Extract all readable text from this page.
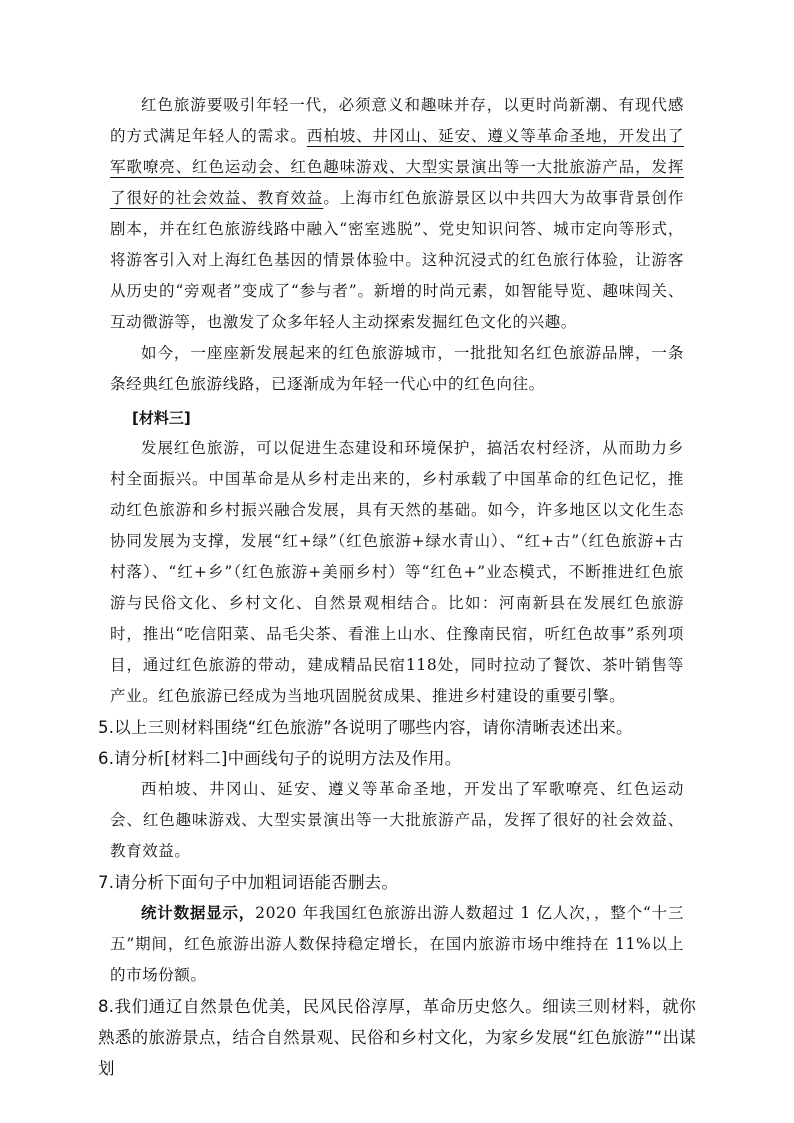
红色旅游要吸引年轻一代，必须意义和趣味并存，以更时尚新潮、有现代感的方式满足年轻人的需求。西柏坡、井冈山、延安、遵义等革命圣地，开发出了军歌嘹亮、红色运动会、红色趣味游戏、大型实景演出等一大批旅游产品，发挥了很好的社会效益、教育效益。上海市红色旅游景区以中共四大为故事背景创作剧本，并在红色旅游线路中融入“密室逃脱”、党史知识问答、城市定向等形式，将游客引入对上海红色基因的情景体验中。这种沉浸式的红色旅行体验，让游客从历史的“旁观者”变成了“参与者”。新增的时尚元素，如智能导览、趣味闯关、互动微游等，也激发了众多年轻人主动探索发掘红色文化的兴趣。

如今，一座座新发展起来的红色旅游城市，一批批知名红色旅游品牌，一条条经典红色旅游线路，已逐渐成为年轻一代心中的红色向往。

[材料三]

发展红色旅游，可以促进生态建设和环境保护，搞活农村经济，从而助力乡村全面振兴。中国革命是从乡村走出来的，乡村承载了中国革命的红色记忆，推动红色旅游和乡村振兴融合发展，具有天然的基础。如今，许多地区以文化生态协同发展为支撑，发展“红+绿”（红色旅游+绿水青山）、“红+古”（红色旅游+古村落）、“红+乡”（红色旅游+美丽乡村）等“红色+”业态模式，不断推进红色旅游与民俗文化、乡村文化、自然景观相结合。比如：河南新县在发展红色旅游时，推出“吃信阳菜、品毛尖茶、看淮上山水、住豫南民宿，听红色故事”系列项目，通过红色旅游的带动，建成精品民宿118处，同时拉动了餐饮、茶叶销售等产业。红色旅游已经成为当地巩固脱贫成果、推进乡村建设的重要引擎。

5.以上三则材料围绕“红色旅游”各说明了哪些内容，请你清晰表述出来。

6.请分析[材料二]中画线句子的说明方法及作用。

西柏坡、井冈山、延安、遵义等革命圣地，开发出了军歌嘹亮、红色运动会、红色趣味游戏、大型实景演出等一大批旅游产品，发挥了很好的社会效益、教育效益。

7.请分析下面句子中加粗词语能否删去。

统计数据显示，2020 年我国红色旅游出游人数超过 1 亿人次，，整个“十三五”期间，红色旅游出游人数保持稳定增长，在国内旅游市场中维持在 11%以上的市场份额。

8.我们通辽自然景色优美，民风民俗淳厚，革命历史悠久。细读三则材料，就你熟悉的旅游景点，结合自然景观、民俗和乡村文化，为家乡发展“红色旅游”“出谋划
